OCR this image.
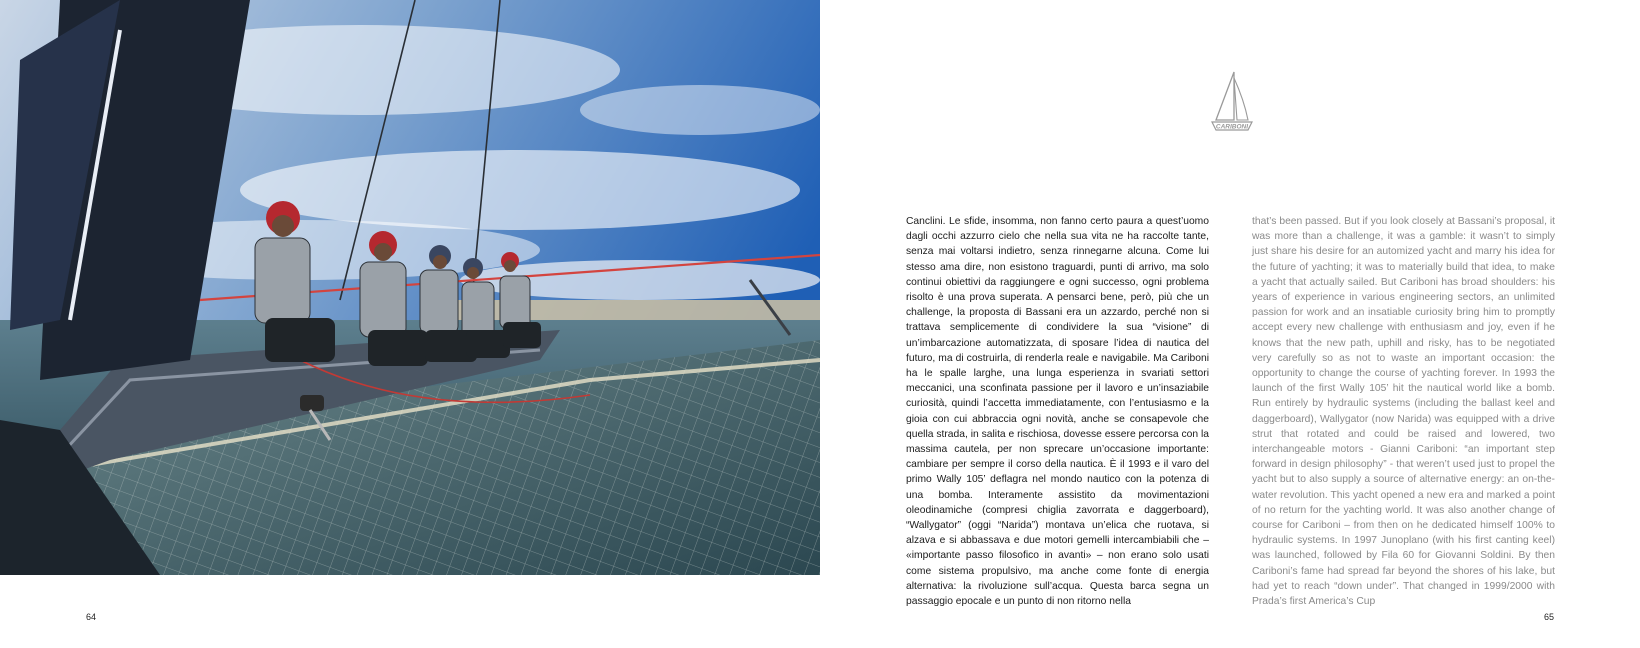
64
CARIBONI

Canclini. Le sfide, insomma, non fanno certo paura a quest’uomo dagli occhi azzurro cielo che nella sua vita ne ha raccolte tante, senza mai voltarsi indietro, senza rinnegarne alcuna. Come lui stesso ama dire, non esistono traguardi, punti di arrivo, ma solo continui obiettivi da raggiungere e ogni successo, ogni problema risolto è una prova superata. A pensarci bene, però, più che un challenge, la proposta di Bassani era un azzardo, perché non si trattava semplicemente di condividere la sua “visione” di un’imbarcazione automatizzata, di sposare l’idea di nautica del futuro, ma di costruirla, di renderla reale e navigabile. Ma Cariboni ha le spalle larghe, una lunga esperienza in svariati settori meccanici, una sconfinata passione per il lavoro e un’insaziabile curiosità, quindi l’accetta immediatamente, con l’entusiasmo e la gioia con cui abbraccia ogni novità, anche se consapevole che quella strada, in salita e rischiosa, dovesse essere percorsa con la massima cautela, per non sprecare un’occasione importante: cambiare per sempre il corso della nautica. È il 1993 e il varo del primo Wally 105’ deflagra nel mondo nautico con la potenza di una bomba. Interamente assistito da movimentazioni oleodinamiche (compresi chiglia zavorrata e daggerboard), “Wallygator” (oggi “Narida”) montava un’elica che ruotava, si alzava e si abbassava e due motori gemelli intercambiabili che – «importante passo filosofico in avanti» – non erano solo usati come sistema propulsivo, ma anche come fonte di energia alternativa: la rivoluzione sull’acqua. Questa barca segna un passaggio epocale e un punto di non ritorno nella

that’s been passed. But if you look closely at Bassani’s proposal, it was more than a challenge, it was a gamble: it wasn’t to simply just share his desire for an automized yacht and marry his idea for the future of yachting; it was to materially build that idea, to make a yacht that actually sailed. But Cariboni has broad shoulders: his years of experience in various engineering sectors, an unlimited passion for work and an insatiable curiosity bring him to promptly accept every new challenge with enthusiasm and joy, even if he knows that the new path, uphill and risky, has to be negotiated very carefully so as not to waste an important occasion: the opportunity to change the course of yachting forever. In 1993 the launch of the first Wally 105’ hit the nautical world like a bomb. Run entirely by hydraulic systems (including the ballast keel and daggerboard), Wallygator (now Narida) was equipped with a drive strut that rotated and could be raised and lowered, two interchangeable motors - Gianni Cariboni: “an important step forward in design philosophy” - that weren’t used just to propel the yacht but to also supply a source of alternative energy: an on-the-water revolution. This yacht opened a new era and marked a point of no return for the yachting world. It was also another change of course for Cariboni – from then on he dedicated himself 100% to hydraulic systems. In 1997 Junoplano (with his first canting keel) was launched, followed by Fila 60 for Giovanni Soldini. By then Cariboni’s fame had spread far beyond the shores of his lake, but had yet to reach “down under”. That changed in 1999/2000 with Prada’s first America’s Cup

65
